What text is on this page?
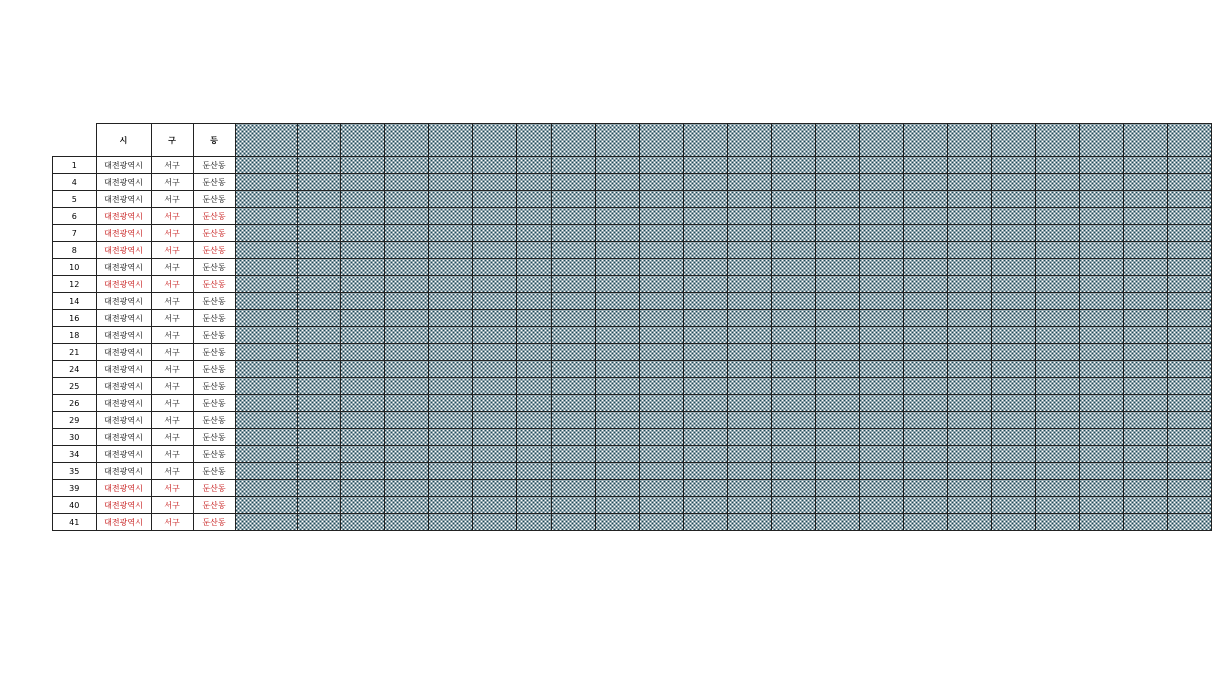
	시	구	등																						
1	대전광역시	서구	둔산동																						
4	대전광역시	서구	둔산동																						
5	대전광역시	서구	둔산동																						
6	대전광역시	서구	둔산동																						
7	대전광역시	서구	둔산동																						
8	대전광역시	서구	둔산동																						
10	대전광역시	서구	둔산동																						
12	대전광역시	서구	둔산동																						
14	대전광역시	서구	둔산동																						
16	대전광역시	서구	둔산동																						
18	대전광역시	서구	둔산동																						
21	대전광역시	서구	둔산동																						
24	대전광역시	서구	둔산동																						
25	대전광역시	서구	둔산동																						
26	대전광역시	서구	둔산동																						
29	대전광역시	서구	둔산동																						
30	대전광역시	서구	둔산동																						
34	대전광역시	서구	둔산동																						
35	대전광역시	서구	둔산동																						
39	대전광역시	서구	둔산동																						
40	대전광역시	서구	둔산동																						
41	대전광역시	서구	둔산동																						
